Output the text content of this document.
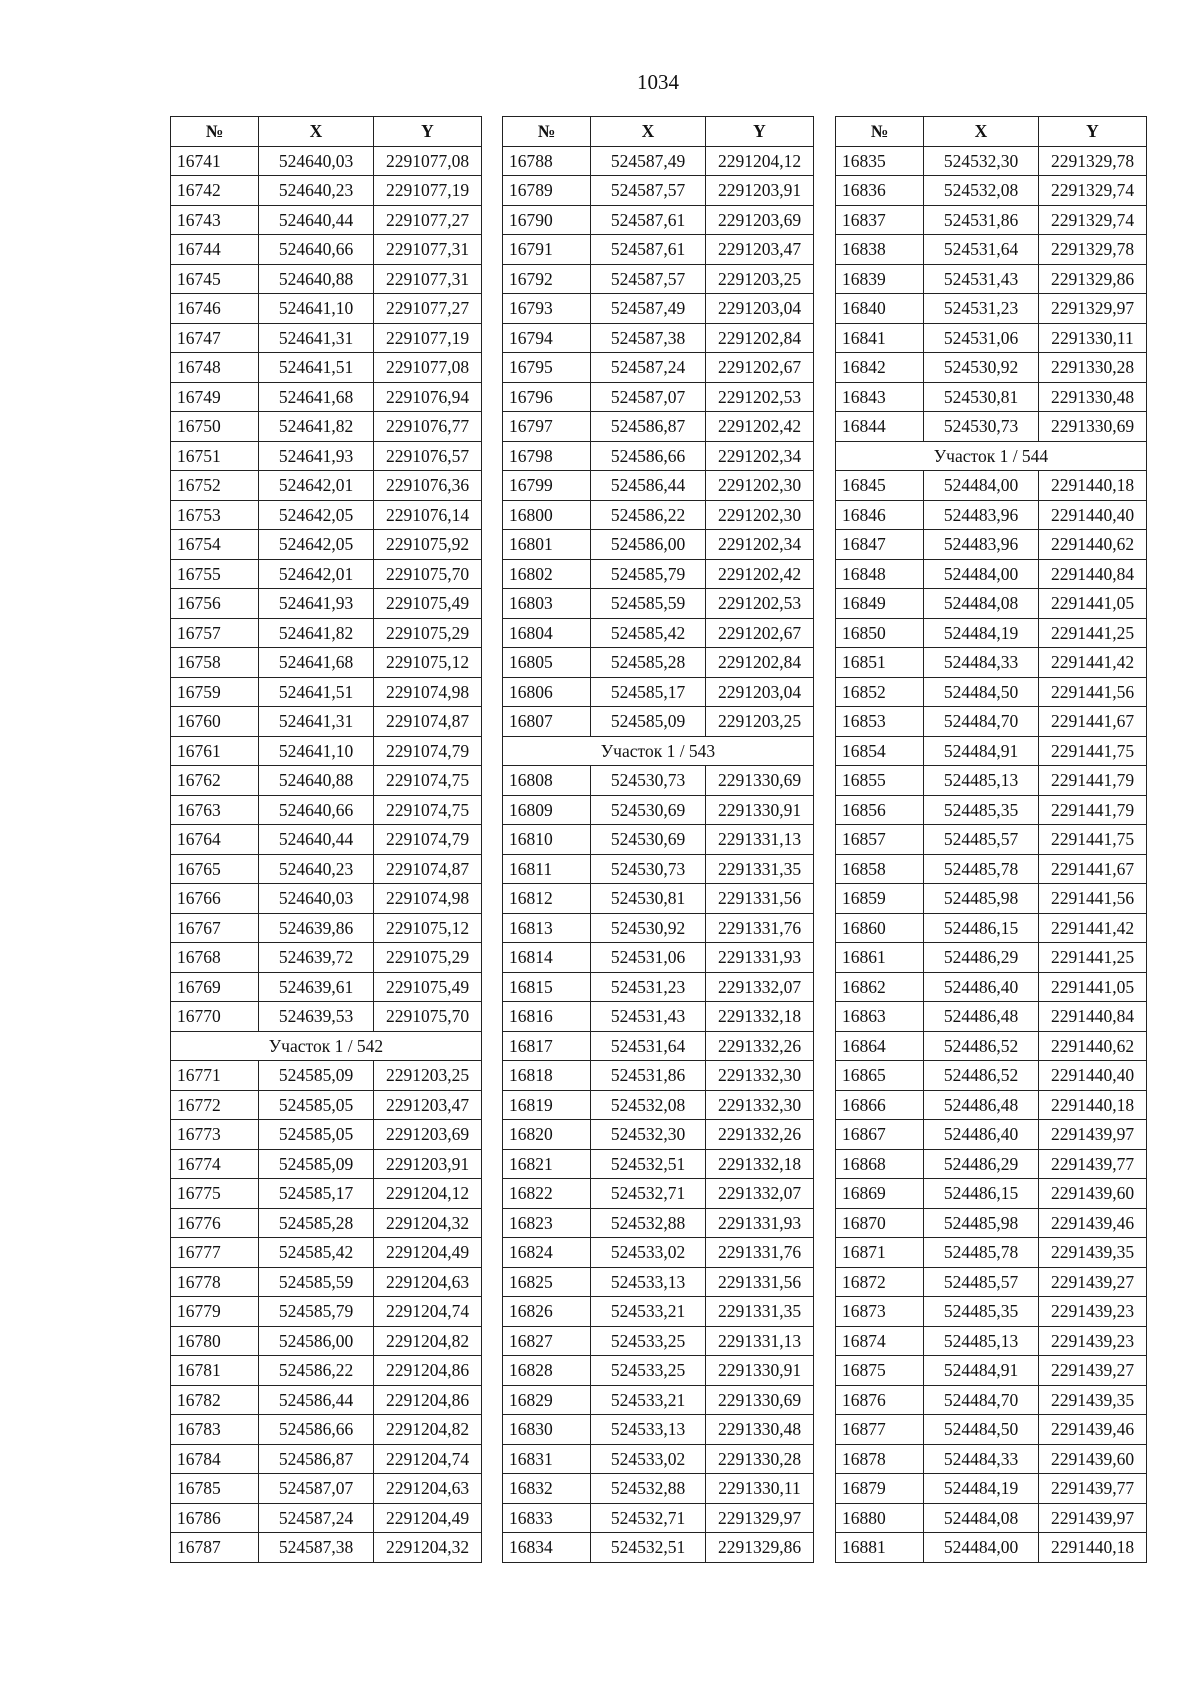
1034
№	X	Y
16741	524640,03	2291077,08
16742	524640,23	2291077,19
16743	524640,44	2291077,27
16744	524640,66	2291077,31
16745	524640,88	2291077,31
16746	524641,10	2291077,27
16747	524641,31	2291077,19
16748	524641,51	2291077,08
16749	524641,68	2291076,94
16750	524641,82	2291076,77
16751	524641,93	2291076,57
16752	524642,01	2291076,36
16753	524642,05	2291076,14
16754	524642,05	2291075,92
16755	524642,01	2291075,70
16756	524641,93	2291075,49
16757	524641,82	2291075,29
16758	524641,68	2291075,12
16759	524641,51	2291074,98
16760	524641,31	2291074,87
16761	524641,10	2291074,79
16762	524640,88	2291074,75
16763	524640,66	2291074,75
16764	524640,44	2291074,79
16765	524640,23	2291074,87
16766	524640,03	2291074,98
16767	524639,86	2291075,12
16768	524639,72	2291075,29
16769	524639,61	2291075,49
16770	524639,53	2291075,70
Участок 1 / 542		
16771	524585,09	2291203,25
16772	524585,05	2291203,47
16773	524585,05	2291203,69
16774	524585,09	2291203,91
16775	524585,17	2291204,12
16776	524585,28	2291204,32
16777	524585,42	2291204,49
16778	524585,59	2291204,63
16779	524585,79	2291204,74
16780	524586,00	2291204,82
16781	524586,22	2291204,86
16782	524586,44	2291204,86
16783	524586,66	2291204,82
16784	524586,87	2291204,74
16785	524587,07	2291204,63
16786	524587,24	2291204,49
16787	524587,38	2291204,32
№	X	Y
16788	524587,49	2291204,12
16789	524587,57	2291203,91
16790	524587,61	2291203,69
16791	524587,61	2291203,47
16792	524587,57	2291203,25
16793	524587,49	2291203,04
16794	524587,38	2291202,84
16795	524587,24	2291202,67
16796	524587,07	2291202,53
16797	524586,87	2291202,42
16798	524586,66	2291202,34
16799	524586,44	2291202,30
16800	524586,22	2291202,30
16801	524586,00	2291202,34
16802	524585,79	2291202,42
16803	524585,59	2291202,53
16804	524585,42	2291202,67
16805	524585,28	2291202,84
16806	524585,17	2291203,04
16807	524585,09	2291203,25
Участок 1 / 543		
16808	524530,73	2291330,69
16809	524530,69	2291330,91
16810	524530,69	2291331,13
16811	524530,73	2291331,35
16812	524530,81	2291331,56
16813	524530,92	2291331,76
16814	524531,06	2291331,93
16815	524531,23	2291332,07
16816	524531,43	2291332,18
16817	524531,64	2291332,26
16818	524531,86	2291332,30
16819	524532,08	2291332,30
16820	524532,30	2291332,26
16821	524532,51	2291332,18
16822	524532,71	2291332,07
16823	524532,88	2291331,93
16824	524533,02	2291331,76
16825	524533,13	2291331,56
16826	524533,21	2291331,35
16827	524533,25	2291331,13
16828	524533,25	2291330,91
16829	524533,21	2291330,69
16830	524533,13	2291330,48
16831	524533,02	2291330,28
16832	524532,88	2291330,11
16833	524532,71	2291329,97
16834	524532,51	2291329,86
№	X	Y
16835	524532,30	2291329,78
16836	524532,08	2291329,74
16837	524531,86	2291329,74
16838	524531,64	2291329,78
16839	524531,43	2291329,86
16840	524531,23	2291329,97
16841	524531,06	2291330,11
16842	524530,92	2291330,28
16843	524530,81	2291330,48
16844	524530,73	2291330,69
Участок 1 / 544		
16845	524484,00	2291440,18
16846	524483,96	2291440,40
16847	524483,96	2291440,62
16848	524484,00	2291440,84
16849	524484,08	2291441,05
16850	524484,19	2291441,25
16851	524484,33	2291441,42
16852	524484,50	2291441,56
16853	524484,70	2291441,67
16854	524484,91	2291441,75
16855	524485,13	2291441,79
16856	524485,35	2291441,79
16857	524485,57	2291441,75
16858	524485,78	2291441,67
16859	524485,98	2291441,56
16860	524486,15	2291441,42
16861	524486,29	2291441,25
16862	524486,40	2291441,05
16863	524486,48	2291440,84
16864	524486,52	2291440,62
16865	524486,52	2291440,40
16866	524486,48	2291440,18
16867	524486,40	2291439,97
16868	524486,29	2291439,77
16869	524486,15	2291439,60
16870	524485,98	2291439,46
16871	524485,78	2291439,35
16872	524485,57	2291439,27
16873	524485,35	2291439,23
16874	524485,13	2291439,23
16875	524484,91	2291439,27
16876	524484,70	2291439,35
16877	524484,50	2291439,46
16878	524484,33	2291439,60
16879	524484,19	2291439,77
16880	524484,08	2291439,97
16881	524484,00	2291440,18
